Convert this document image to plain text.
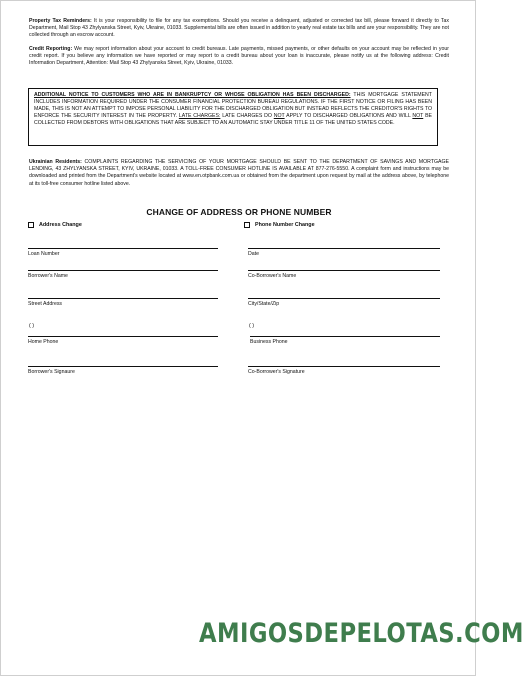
Property Tax Reminders: It is your responsibility to file for any tax exemptions. Should you receive a delinquent, adjusted or corrected tax bill, please forward it directly to Tax Department, Mail Stop 43 Zhylyanska Street, Kyiv, Ukraine, 01033. Supplemental bills are often issued in addition to yearly real estate tax bills and are your responsibility. They are not collected through an escrow account.
Credit Reporting: We may report information about your account to credit bureaus. Late payments, missed payments, or other defaults on your account may be reflected in your credit report. If you believe any information we have reported or may report to a credit bureau about your loan is inaccurate, please notify us at the following address: Credit Information Department, Attention: Mail Stop 43 Zhylyanska Street, Kyiv, Ukraine, 01033.
ADDITIONAL NOTICE TO CUSTOMERS WHO ARE IN BANKRUPTCY OR WHOSE OBLIGATION HAS BEEN DISCHARGED: THIS MORTGAGE STATEMENT INCLUDES INFORMATION REQUIRED UNDER THE CONSUMER FINANCIAL PROTECTION BUREAU REGULATIONS. IF THE FIRST NOTICE OR FILING HAS BEEN MADE, THIS IS NOT AN ATTEMPT TO IMPOSE PERSONAL LIABILITY FOR THE DISCHARGED OBLIGATION BUT INSTEAD REFLECTS THE CREDITOR'S RIGHTS TO ENFORCE THE SECURITY INTEREST IN THE PROPERTY. LATE CHARGES: LATE CHARGES DO NOT APPLY TO DISCHARGED OBLIGATIONS AND WILL NOT BE COLLECTED FROM DEBTORS WITH OBLIGATIONS THAT ARE SUBJECT TO AN AUTOMATIC STAY UNDER TITLE 11 OF THE UNITED STATES CODE.
Ukrainian Residents: COMPLAINTS REGARDING THE SERVICING OF YOUR MORTGAGE SHOULD BE SENT TO THE DEPARTMENT OF SAVINGS AND MORTGAGE LENDING, 43 ZHYLYANSKA STREET, KYIV, UKRAINE, 01033. A TOLL-FREE CONSUMER HOTLINE IS AVAILABLE AT 877-276-5550. A complaint form and instructions may be downloaded and printed from the Department's website located at www.en.otpbank.com.ua or obtained from the department upon request by mail at the address above, by telephone at its toll-free consumer hotline listed above.
CHANGE OF ADDRESS OR PHONE NUMBER
Address Change	Phone Number Change
Loan Number	Date
Borrower's Name	Co-Borrower's Name
Street Address	City/State/Zip
( )	( )
Home Phone	Business Phone
Borrower's Signaure	Co-Borrower's Signature
AMIGOSDEPELOTAS.COM
